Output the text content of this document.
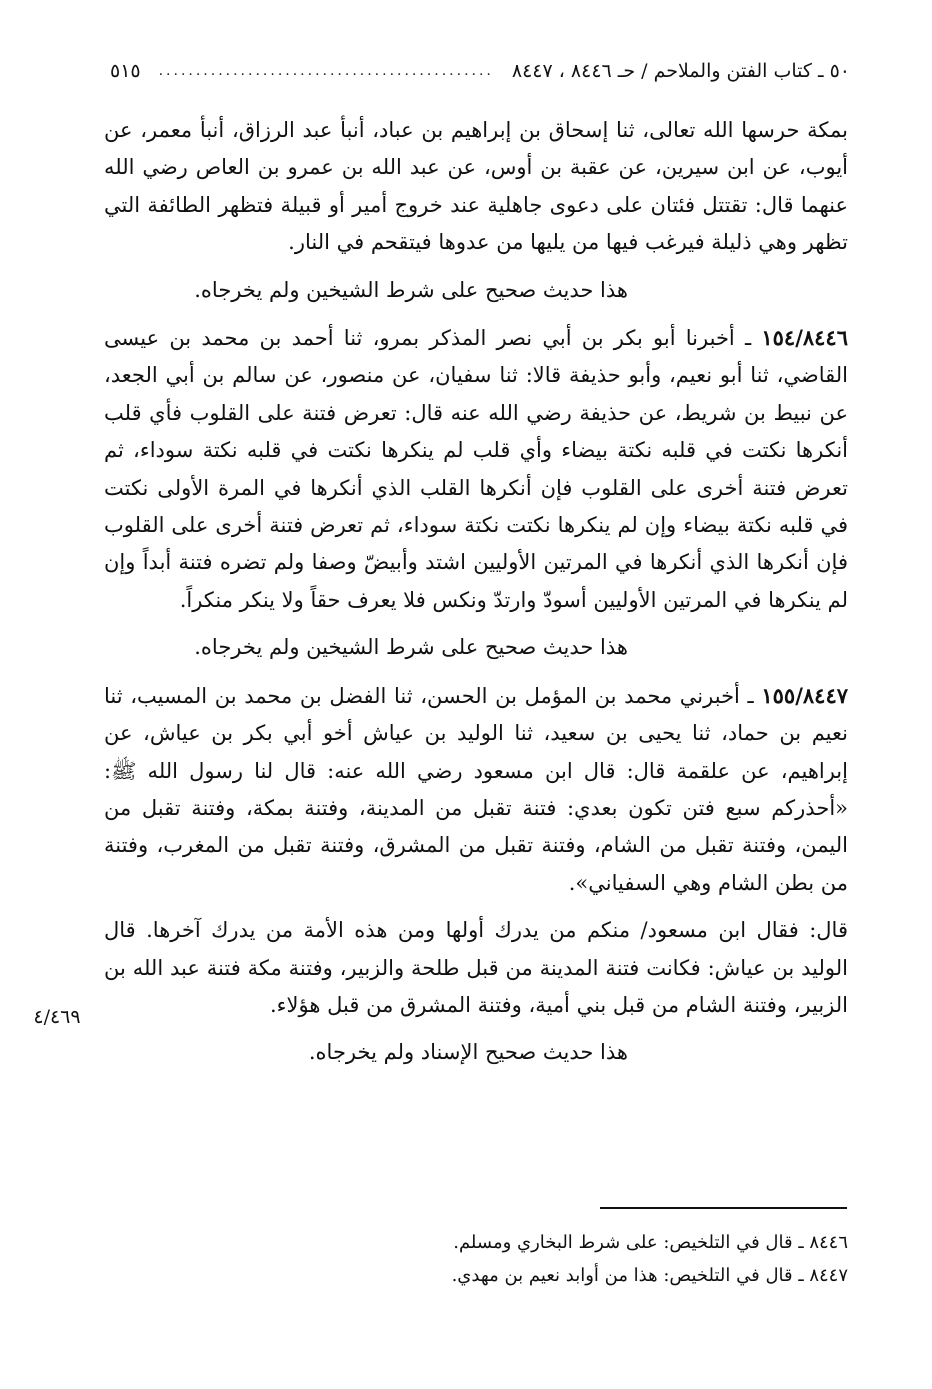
٥٠ ـ كتاب الفتن والملاحم / حـ ٨٤٤٦ ، ٨٤٤٧
.............................................
٥١٥
٤/٤٦٩

بمكة حرسها الله تعالى، ثنا إسحاق بن إبراهيم بن عباد، أنبأ عبد الرزاق، أنبأ معمر، عن أيوب، عن ابن سيرين، عن عقبة بن أوس، عن عبد الله بن عمرو بن العاص رضي الله عنهما قال: تقتتل فئتان على دعوى جاهلية عند خروج أمير أو قبيلة فتظهر الطائفة التي تظهر وهي ذليلة فيرغب فيها من يليها من عدوها فيتقحم في النار.

هذا حديث صحيح على شرط الشيخين ولم يخرجاه.

١٥٤/٨٤٤٦ ـ أخبرنا أبو بكر بن أبي نصر المذكر بمرو، ثنا أحمد بن محمد بن عيسى القاضي، ثنا أبو نعيم، وأبو حذيفة قالا: ثنا سفيان، عن منصور، عن سالم بن أبي الجعد، عن نبيط بن شريط، عن حذيفة رضي الله عنه قال: تعرض فتنة على القلوب فأي قلب أنكرها نكتت في قلبه نكتة بيضاء وأي قلب لم ينكرها نكتت في قلبه نكتة سوداء، ثم تعرض فتنة أخرى على القلوب فإن أنكرها القلب الذي أنكرها في المرة الأولى نكتت في قلبه نكتة بيضاء وإن لم ينكرها نكتت نكتة سوداء، ثم تعرض فتنة أخرى على القلوب فإن أنكرها الذي أنكرها في المرتين الأوليين اشتد وأبيضّ وصفا ولم تضره فتنة أبداً وإن لم ينكرها في المرتين الأوليين أسودّ وارتدّ ونكس فلا يعرف حقاً ولا ينكر منكراً.

هذا حديث صحيح على شرط الشيخين ولم يخرجاه.

١٥٥/٨٤٤٧ ـ أخبرني محمد بن المؤمل بن الحسن، ثنا الفضل بن محمد بن المسيب، ثنا نعيم بن حماد، ثنا يحيى بن سعيد، ثنا الوليد بن عياش أخو أبي بكر بن عياش، عن إبراهيم، عن علقمة قال: قال ابن مسعود رضي الله عنه: قال لنا رسول الله ﷺ: «أحذركم سبع فتن تكون بعدي: فتنة تقبل من المدينة، وفتنة بمكة، وفتنة تقبل من اليمن، وفتنة تقبل من الشام، وفتنة تقبل من المشرق، وفتنة تقبل من المغرب، وفتنة من بطن الشام وهي السفياني».

قال: فقال ابن مسعود/ منكم من يدرك أولها ومن هذه الأمة من يدرك آخرها. قال الوليد بن عياش: فكانت فتنة المدينة من قبل طلحة والزبير، وفتنة مكة فتنة عبد الله بن الزبير، وفتنة الشام من قبل بني أمية، وفتنة المشرق من قبل هؤلاء.

هذا حديث صحيح الإسناد ولم يخرجاه.

٨٤٤٦ ـ قال في التلخيص: على شرط البخاري ومسلم.
٨٤٤٧ ـ قال في التلخيص: هذا من أوابد نعيم بن مهدي.
